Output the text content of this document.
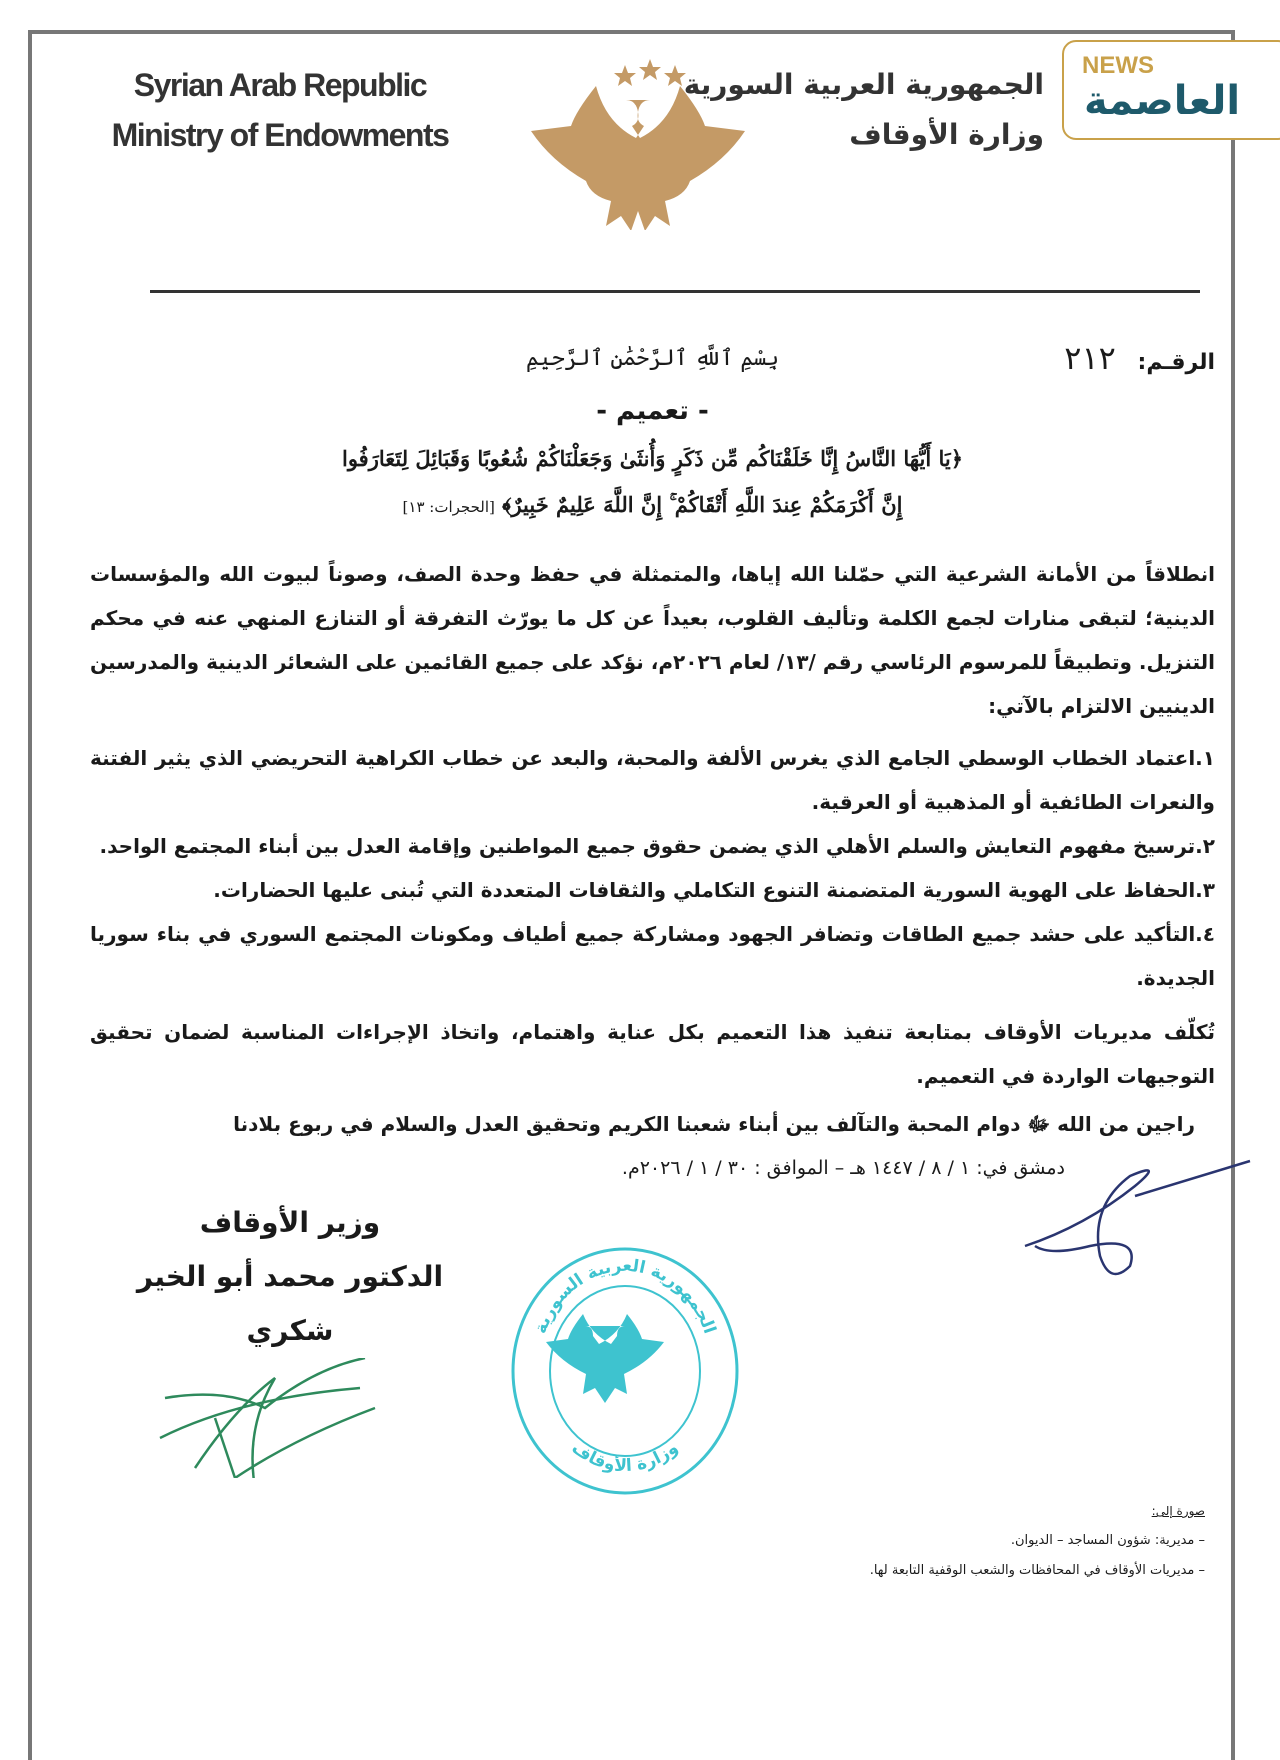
Syrian Arab Republic
Ministry of Endowments
الجمهورية العربية السورية
وزارة الأوقاف
NEWS
العاصمة
الرقـم: ٢١٢
بِسْمِ ٱللَّهِ ٱلرَّحْمَٰنِ ٱلرَّحِيمِ
- تعميم -
﴿يَا أَيُّهَا النَّاسُ إِنَّا خَلَقْنَاكُم مِّن ذَكَرٍ وَأُنثَىٰ وَجَعَلْنَاكُمْ شُعُوبًا وَقَبَائِلَ لِتَعَارَفُوا
إِنَّ أَكْرَمَكُمْ عِندَ اللَّهِ أَتْقَاكُمْ ۚ إِنَّ اللَّهَ عَلِيمٌ خَبِيرٌ﴾ [الحجرات: ١٣]
انطلاقاً من الأمانة الشرعية التي حمّلنا الله إياها، والمتمثلة في حفظ وحدة الصف، وصوناً لبيوت الله والمؤسسات الدينية؛ لتبقى منارات لجمع الكلمة وتأليف القلوب، بعيداً عن كل ما يورّث التفرقة أو التنازع المنهي عنه في محكم التنزيل. وتطبيقاً للمرسوم الرئاسي رقم /١٣/ لعام ٢٠٢٦م، نؤكد على جميع القائمين على الشعائر الدينية والمدرسين الدينيين الالتزام بالآتي:
١.اعتماد الخطاب الوسطي الجامع الذي يغرس الألفة والمحبة، والبعد عن خطاب الكراهية التحريضي الذي يثير الفتنة والنعرات الطائفية أو المذهبية أو العرقية.
٢.ترسيخ مفهوم التعايش والسلم الأهلي الذي يضمن حقوق جميع المواطنين وإقامة العدل بين أبناء المجتمع الواحد.
٣.الحفاظ على الهوية السورية المتضمنة التنوع التكاملي والثقافات المتعددة التي تُبنى عليها الحضارات.
٤.التأكيد على حشد جميع الطاقات وتضافر الجهود ومشاركة جميع أطياف ومكونات المجتمع السوري في بناء سوريا الجديدة.
تُكلّف مديريات الأوقاف بمتابعة تنفيذ هذا التعميم بكل عناية واهتمام، واتخاذ الإجراءات المناسبة لضمان تحقيق التوجيهات الواردة في التعميم.
راجين من الله ﷻ دوام المحبة والتآلف بين أبناء شعبنا الكريم وتحقيق العدل والسلام في ربوع بلادنا
دمشق في: ١ / ٨ / ١٤٤٧ هـ – الموافق : ٣٠ / ١ / ٢٠٢٦م.
وزير الأوقاف
الدكتور محمد أبو الخير شكري	الجمهورية العربية السورية
وزارة الأوقاف
صورة إلى:
– مديرية: شؤون المساجد – الديوان.
– مديريات الأوقاف في المحافظات والشعب الوقفية التابعة لها.
